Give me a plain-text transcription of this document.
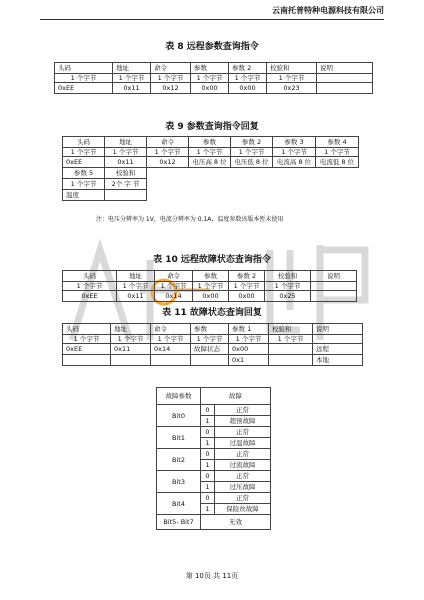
云南托普特种电源科技有限公司
表 8 远程参数查询指令
头码	地址	命令	参数	参数 2	校验和	说明
1 个字节	1 个字节	1 个字节	1 个字节	1 个字节	1 个字节	
0xEE	0x11	0x12	0x00	0x00	0x23	
表 9 参数查询指令回复
头码	地址	命令	参数	参数 2	参数 3	参数 4
1 个字节	1 个字节	1 个字节	1 个字节	1 个字节	1 个字节	1 个字节
0xEE	0x11	0x12	电压高 8 位	电压低 8 位	电流高 8 位	电流低 8 位
参数 5	校验和					
1 个字节	2个 字 节					
温度						
注：电压分辨率为 1V，电流分辨率为 0.1A，温度参数该版本暂未使用
表 10 远程故障状态查询指令
头码	地址	命令	参数	参数 2	校验和	说明
1 个字节	1 个字节	1 个字节	1 个字节	1 个字节	1 个字节	
0xEE	0x11	0x14	0x00	0x00	0x25	
表 11 故障状态查询回复
头码	地址	命令	参数	参数 1	校验和	说明
1 个字节	1 个字节	1 个字节	1 个字节	1 个字节	1 个字节	
0xEE	0x11	0x14	故障状态	0x00		远程
				0x1		本地
故障参数	故障	
Bit0	0	正常
	1	超预故障
Bit1	0	正常
	1	过温故障
Bit2	0	正常
	1	过流故障
Bit3	0	正常
	1	过压故障
Bit4	0	正常
	1	保险丝故障
Bit5- Bit7	无效	
第 10页 共 11页
